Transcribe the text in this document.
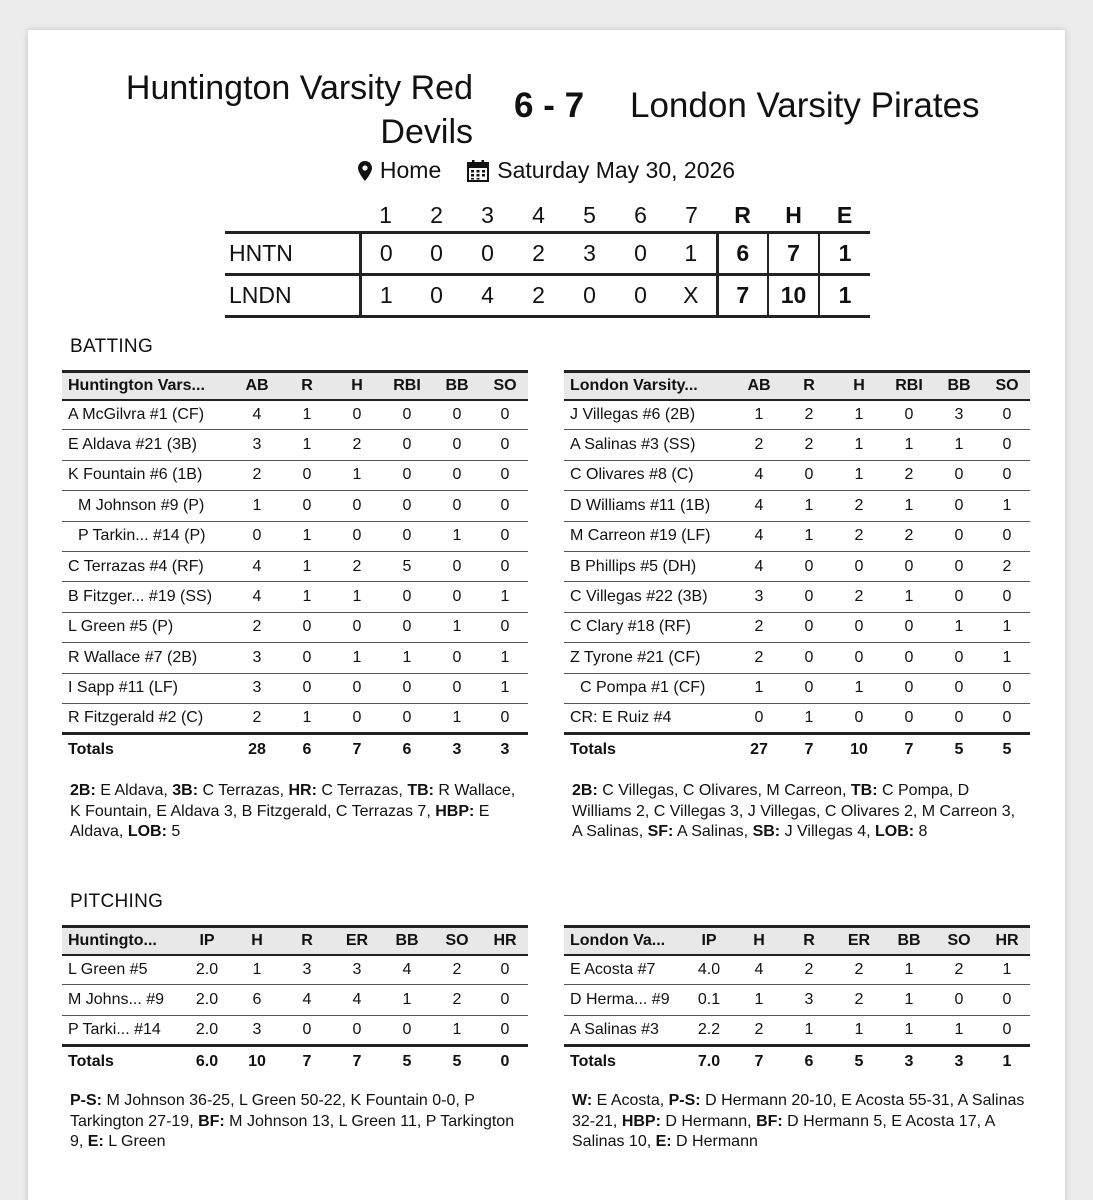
Huntington Varsity Red Devils
6 - 7 London Varsity Pirates
Home Saturday May 30, 2026
	1	2	3	4	5	6	7	R	H	E
HNTN	0	0	0	2	3	0	1	6	7	1
LNDN	1	0	4	2	0	0	X	7	10	1
BATTING
Huntington Vars...	AB	R	H	RBI	BB	SO
A McGilvra #1 (CF)	4	1	0	0	0	0
E Aldava #21 (3B)	3	1	2	0	0	0
K Fountain #6 (1B)	2	0	1	0	0	0
M Johnson #9 (P)	1	0	0	0	0	0
P Tarkin... #14 (P)	0	1	0	0	1	0
C Terrazas #4 (RF)	4	1	2	5	0	0
B Fitzger... #19 (SS)	4	1	1	0	0	1
L Green #5 (P)	2	0	0	0	1	0
R Wallace #7 (2B)	3	0	1	1	0	1
I Sapp #11 (LF)	3	0	0	0	0	1
R Fitzgerald #2 (C)	2	1	0	0	1	0
Totals	28	6	7	6	3	3
London Varsity...	AB	R	H	RBI	BB	SO
J Villegas #6 (2B)	1	2	1	0	3	0
A Salinas #3 (SS)	2	2	1	1	1	0
C Olivares #8 (C)	4	0	1	2	0	0
D Williams #11 (1B)	4	1	2	1	0	1
M Carreon #19 (LF)	4	1	2	2	0	0
B Phillips #5 (DH)	4	0	0	0	0	2
C Villegas #22 (3B)	3	0	2	1	0	0
C Clary #18 (RF)	2	0	0	0	1	1
Z Tyrone #21 (CF)	2	0	0	0	0	1
C Pompa #1 (CF)	1	0	1	0	0	0
CR: E Ruiz #4	0	1	0	0	0	0
Totals	27	7	10	7	5	5
2B: E Aldava, 3B: C Terrazas, HR: C Terrazas, TB: R Wallace, K Fountain, E Aldava 3, B Fitzgerald, C Terrazas 7, HBP: E Aldava, LOB: 5
2B: C Villegas, C Olivares, M Carreon, TB: C Pompa, D Williams 2, C Villegas 3, J Villegas, C Olivares 2, M Carreon 3, A Salinas, SF: A Salinas, SB: J Villegas 4, LOB: 8
PITCHING
Huntingto...	IP	H	R	ER	BB	SO	HR
L Green #5	2.0	1	3	3	4	2	0
M Johns... #9	2.0	6	4	4	1	2	0
P Tarki... #14	2.0	3	0	0	0	1	0
Totals	6.0	10	7	7	5	5	0
London Va...	IP	H	R	ER	BB	SO	HR
E Acosta #7	4.0	4	2	2	1	2	1
D Herma... #9	0.1	1	3	2	1	0	0
A Salinas #3	2.2	2	1	1	1	1	0
Totals	7.0	7	6	5	3	3	1
P-S: M Johnson 36-25, L Green 50-22, K Fountain 0-0, P Tarkington 27-19, BF: M Johnson 13, L Green 11, P Tarkington 9, E: L Green
W: E Acosta, P-S: D Hermann 20-10, E Acosta 55-31, A Salinas 32-21, HBP: D Hermann, BF: D Hermann 5, E Acosta 17, A Salinas 10, E: D Hermann
